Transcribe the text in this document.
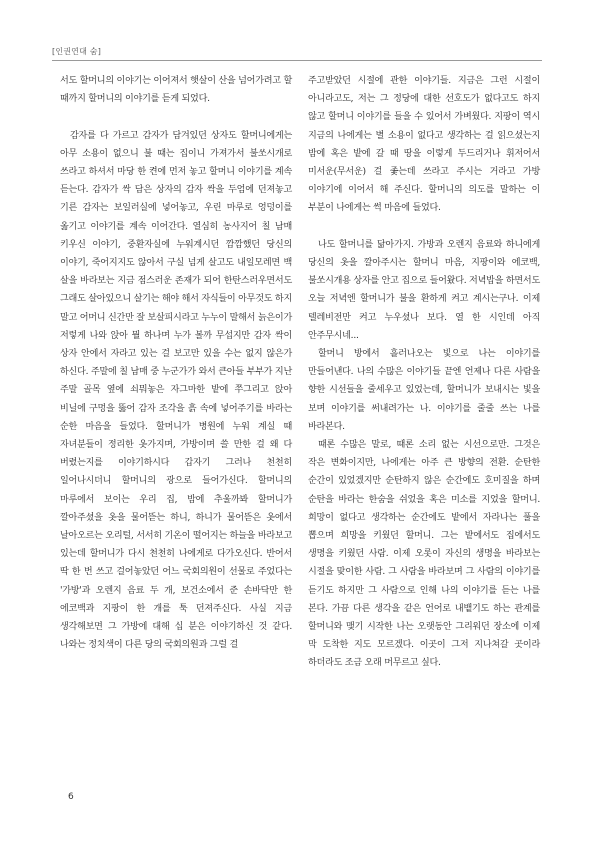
[인권연대 숨]

서도 할머니의 이야기는 이어져서 햇살이 산을 넘어가려고 할 때까지 할머니의 이야기를 듣게 되었다.

감자를 다 가르고 감자가 담겨있던 상자도 할머니에게는 아무 소용이 없으니 불 때는 집이니 가져가서 불쏘시개로 쓰라고 하셔서 마당 한 켠에 먼저 놓고 할머니 이야기를 계속 듣는다. 감자가 싹 담은 상자의 감자 싹을 두엄에 던져놓고 기른 감자는 보일러실에 넣어놓고, 우린 마루로 엉덩이를 옮기고 이야기를 계속 이어간다. 열심히 농사지어 칠 남매 키우신 이야기, 중환자실에 누워계시던 깜깜했던 당신의 이야기, 죽어지지도 않아서 구실 넘게 살고도 내일모레면 백 살을 바라보는 지금 점스러운 존재가 되어 한탄스러우면서도 그래도 살아있으니 살기는 해야 해서 자식들이 아무것도 하지 말고 어머니 신간만 잘 보살피시라고 누누이 말해서 늙은이가 저렇게 나와 앉아 뭘 하나며 누가 볼까 무섭지만 감자 싹이 상자 안에서 자라고 있는 걸 보고만 있을 수는 없지 않은가 하신다. 주말에 칠 남매 중 누군가가 와서 큰아들 부부가 지난 주말 골목 옆에 쇠뭐놓은 자그마한 밭에 쭈그리고 앉아 비닐에 구멍을 뚫어 감자 조각을 흙 속에 넣어주기를 바라는 순한 마음을 들었다. 할머니가 병원에 누워 계실 때 자녀분들이 정리한 옷가지며, 가방이며 쓸 만한 걸 왜 다 버렸는지를 이야기하시다 갑자기 그러나 천천히 일어나시더니 할머니의 광으로 들어가신다. 할머니의 마루에서 보이는 우리 집, 밤에 추울까봐 할머니가 깔아주셨을 옷을 물어뜯는 하니, 하니가 물어뜯은 옷에서 날아오르는 오리털, 서서히 기온이 떨어지는 하늘을 바라보고 있는데 할머니가 다시 천천히 나에게로 다가오신다. 반어서 딱 한 번 쓰고 걸어놓았던 어느 국회의원이 선물로 주었다는 '가방'과 오렌지 음료 두 개, 보건소에서 준 손바닥만 한 에코백과 지팡이 한 개를 툭 던져주신다. 사실 지금 생각해보면 그 가방에 대해 십 분은 이야기하신 것 같다. 나와는 정치색이 다른 당의 국회의원과 그럴 걸

주고받았던 시절에 관한 이야기들. 지금은 그런 시절이 아니라고도, 저는 그 정당에 대한 선호도가 없다고도 하지 않고 할머니 이야기를 들을 수 있어서 가벼웠다. 지팡이 역시 지금의 나에게는 별 소용이 없다고 생각하는 걸 읽으셨는지 밤에 혹은 밭에 갈 때 땅을 이렇게 두드리거나 휘저어서 미서운(무서운) 걸 좇는데 쓰라고 주시는 거라고 가방 이야기에 이어서 해 주신다. 할머니의 의도를 말하는 이 부분이 나에게는 썩 마음에 들었다.

나도 할머니를 닮아가지. 가방과 오렌지 음료와 하니에게 당신의 옷을 깔아주시는 할머니 마음, 지팡이와 에코백, 불쏘시개용 상자를 안고 집으로 들어왔다. 저녁밥을 하면서도 오늘 저녁엔 할머니가 불을 환하게 켜고 계시는구나. 이제 텔레비전만 켜고 누우셨나 보다. 열 한 시인데 아직 안주무시네...

할머니 방에서 흘러나오는 빛으로 나는 이야기를 만들어낸다. 나의 수많은 이야기들 끝엔 언제나 다른 사람을 향한 시선들을 줄세우고 있었는데, 할머니가 보내시는 빛을 보며 이야기를 써내려가는 나. 이야기를 줄줄 쓰는 나를 바라본다.

때론 수많은 말로, 때론 소리 없는 시선으로만. 그것은 작은 변화이지만, 나에게는 아주 큰 방향의 전환. 순탄한 순간이 있었겠지만 순탄하지 않은 순간에도 호미질을 하며 순탄을 바라는 한숨을 쉬었을 혹은 미소를 지었을 할머니. 희망이 없다고 생각하는 순간에도 밭에서 자라나는 풀을 뽑으며 희망을 키웠던 할머니. 그는 밭에서도 집에서도 생명을 키웠던 사람. 이제 오롯이 자신의 생명을 바라보는 시절을 맞이한 사람. 그 사람을 바라보며 그 사람의 이야기를 듣기도 하지만 그 사람으로 인해 나의 이야기를 듣는 나를 본다. 가끔 다른 생각을 같은 언어로 내뱉기도 하는 관계를 할머니와 맺기 시작한 나는 오랫동안 그리워던 장소에 이제 막 도착한 지도 모르겠다. 이곳이 그저 지나쳐갈 곳이라 하더라도 조금 오래 머무르고 싶다.

6
